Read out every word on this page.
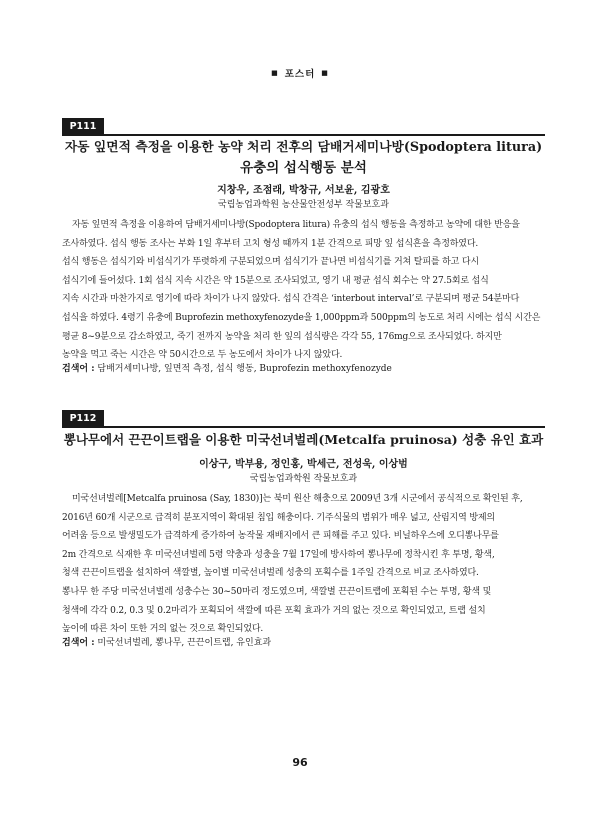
■ 포스터 ■
P111
자동 잎면적 측정을 이용한 농약 처리 전후의 담배거세미나방(Spodoptera litura)
유충의 섭식행동 분석
지창우, 조점래, 박창규, 서보윤, 김광호
국립농업과학원 농산물안전성부 작물보호과
자동 잎면적 측정을 이용하여 담배거세미나방(Spodoptera litura) 유충의 섭식 행동을 측정하고 농약에 대한 반응을
조사하였다. 섭식 행동 조사는 부화 1일 후부터 고치 형성 때까지 1분 간격으로 피망 잎 섭식흔을 측정하였다.
섭식 행동은 섭식기와 비섭식기가 뚜렷하게 구분되었으며 섭식기가 끝나면 비섭식기를 거쳐 탈피를 하고 다시
섭식기에 들어섰다. 1회 섭식 지속 시간은 약 15분으로 조사되었고, 영기 내 평균 섭식 회수는 약 27.5회로 섭식
지속 시간과 마찬가지로 영기에 따라 차이가 나지 않았다. 섭식 간격은 ‘interbout interval’로 구분되며 평균 54분마다
섭식을 하였다. 4령기 유충에 Buprofezin methoxyfenozyde을 1,000ppm과 500ppm의 농도로 처리 시에는 섭식 시간은
평균 8~9분으로 감소하였고, 죽기 전까지 농약을 처리 한 잎의 섭식량은 각각 55, 176mg으로 조사되었다. 하지만
농약을 먹고 죽는 시간은 약 50시간으로 두 농도에서 차이가 나지 않았다.
검색어 : 담배거세미나방, 잎면적 측정, 섭식 행동, Buprofezin methoxyfenozyde
P112
뽕나무에서 끈끈이트랩을 이용한 미국선녀벌레(Metcalfa pruinosa) 성충 유인 효과
이상구, 박부용, 정인홍, 박세근, 전성욱, 이상범
국립농업과학원 작물보호과
미국선녀벌레[Metcalfa pruinosa (Say, 1830)]는 북미 원산 해충으로 2009년 3개 시군에서 공식적으로 확인된 후,
2016년 60개 시군으로 급격히 분포지역이 확대된 침입 해충이다. 기주식물의 범위가 매우 넓고, 산림지역 방제의
어려움 등으로 발생밀도가 급격하게 증가하여 농작물 재배지에서 큰 피해를 주고 있다. 비닐하우스에 오디뽕나무를
2m 간격으로 식재한 후 미국선녀벌레 5령 약충과 성충을 7월 17일에 방사하여 뽕나무에 정착시킨 후 투명, 황색,
청색 끈끈이트랩을 설치하여 색깔별, 높이별 미국선녀벌레 성충의 포획수를 1주일 간격으로 비교 조사하였다.
뽕나무 한 주당 미국선녀벌레 성충수는 30~50마리 정도였으며, 색깔별 끈끈이트랩에 포획된 수는 투명, 황색 및
청색에 각각 0.2, 0.3 및 0.2마리가 포획되어 색깔에 따른 포획 효과가 거의 없는 것으로 확인되었고, 트랩 설치
높이에 따른 차이 또한 거의 없는 것으로 확인되었다.
검색어 : 미국선녀벌레, 뽕나무, 끈끈이트랩, 유인효과
96
